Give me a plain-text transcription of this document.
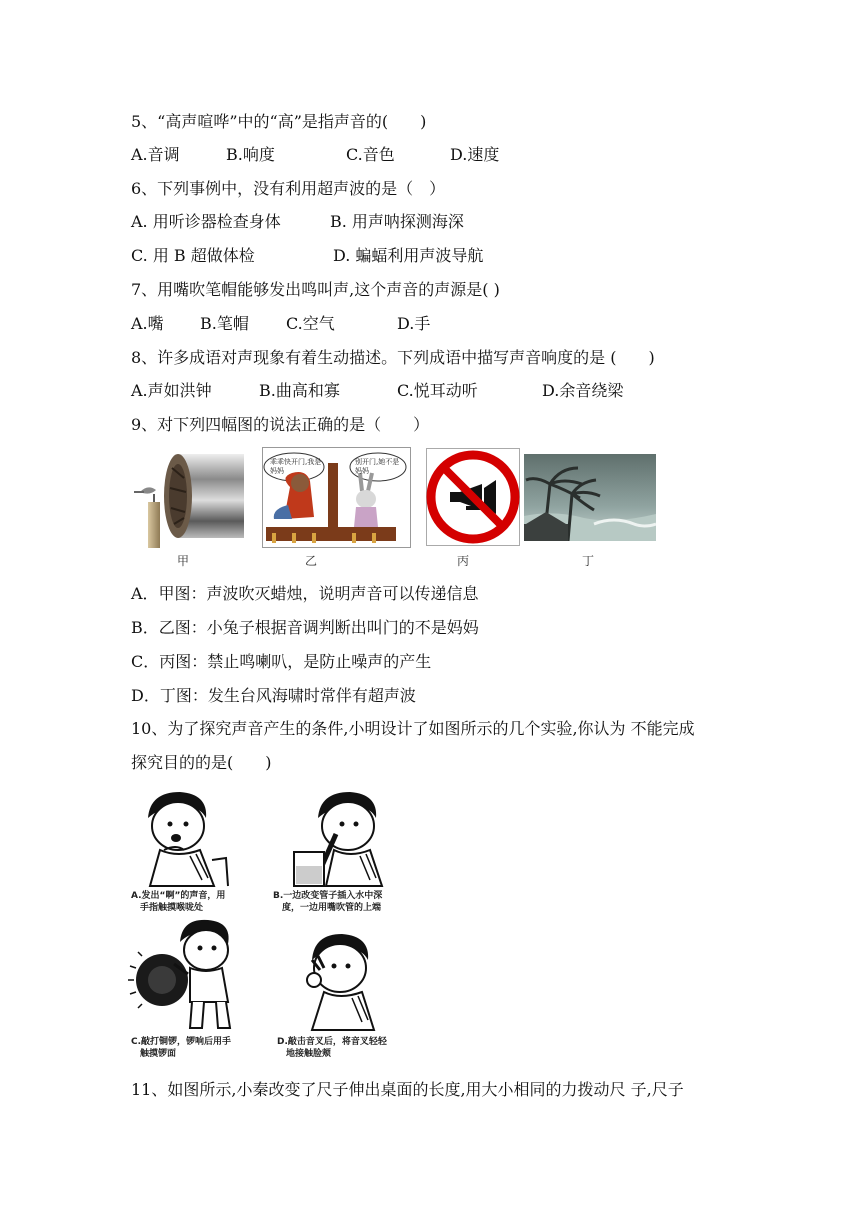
5、“高声喧哗”中的“高”是指声音的(　　)
A.音调	B.响度	C.音色	D.速度
6、下列事例中，没有利用超声波的是（　）
A. 用听诊器检查身体	B. 用声呐探测海深
C. 用 B 超做体检	D. 蝙蝠利用声波导航
7、用嘴吹笔帽能够发出鸣叫声,这个声音的声源是( )
A.嘴 B.笔帽 C.空气	D.手
8、许多成语对声现象有着生动描述。下列成语中描写声音响度的是 (　　)
A.声如洪钟	B.曲高和寡	C.悦耳动听	D.余音绕梁
9、对下列四幅图的说法正确的是（　　）
甲
乖乖快开门,我是妈妈
别开门,她不是妈妈
乙	丙	丁
A．甲图：声波吹灭蜡烛，说明声音可以传递信息
B．乙图：小兔子根据音调判断出叫门的不是妈妈
C．丙图：禁止鸣喇叭，是防止噪声的产生
D．丁图：发生台风海啸时常伴有超声波
10、为了探究声音产生的条件,小明设计了如图所示的几个实验,你认为 不能完成
探究目的的是(　　)
A.发出“啊”的声音，用
　手指触摸喉咙处
B.一边改变管子插入水中深
　度，一边用嘴吹管的上端
C.敲打铜锣，锣响后用手
　触摸锣面
D.敲击音叉后，将音叉轻轻
　地接触脸颊
11、如图所示,小秦改变了尺子伸出桌面的长度,用大小相同的力拨动尺 子,尺子
